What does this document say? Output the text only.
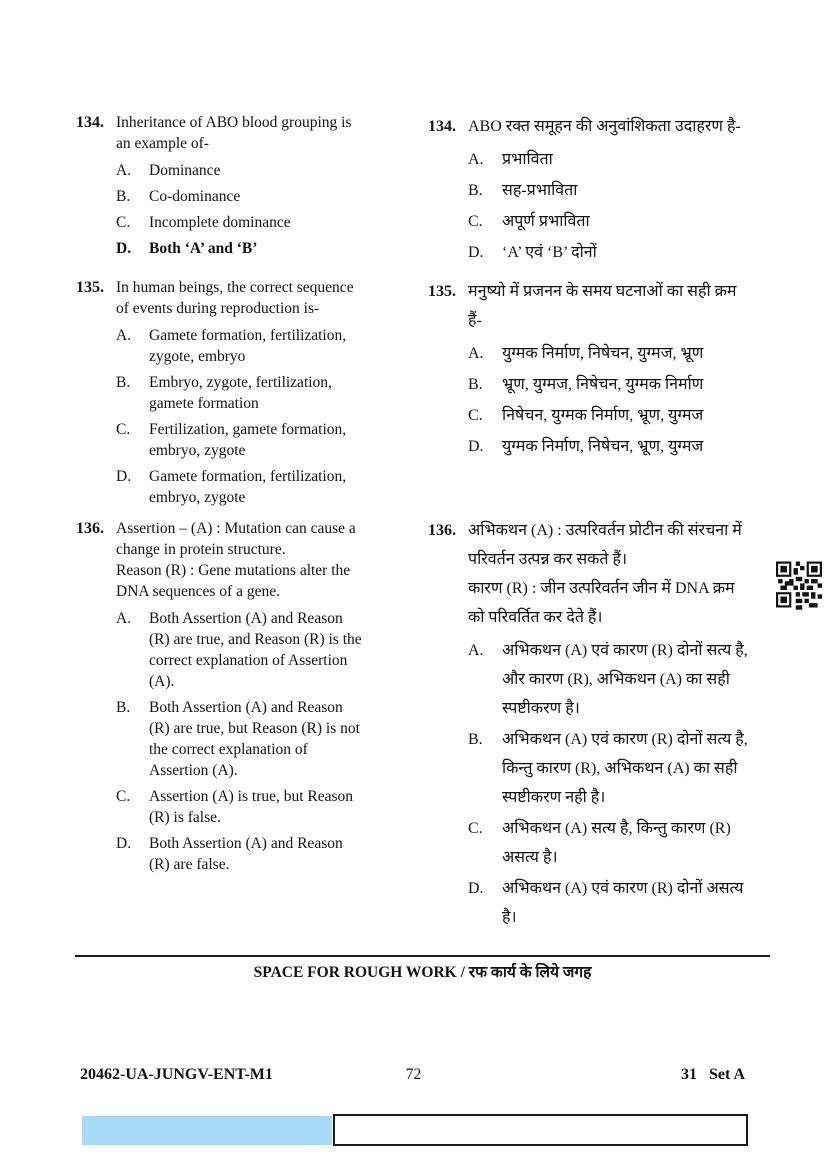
134. Inheritance of ABO blood grouping is
an example of-
A.	Dominance
B.	Co-dominance
C.	Incomplete dominance
D.	Both ‘A’ and ‘B’
135. In human beings, the correct sequence
of events during reproduction is-
A.	Gamete formation, fertilization,
zygote, embryo
B.	Embryo, zygote, fertilization,
gamete formation
C.	Fertilization, gamete formation,
embryo, zygote
D.	Gamete formation, fertilization,
embryo, zygote
136. Assertion – (A) : Mutation can cause a
change in protein structure.
Reason (R) : Gene mutations alter the
DNA sequences of a gene.
A.	Both Assertion (A) and Reason
(R) are true, and Reason (R) is the
correct explanation of Assertion
(A).
B.	Both Assertion (A) and Reason
(R) are true, but Reason (R) is not
the correct explanation of
Assertion (A).
C.	Assertion (A) is true, but Reason
(R) is false.
D.	Both Assertion (A) and Reason
(R) are false.
134. ABO रक्त समूहन की अनुवांशिकता उदाहरण है-
A.	प्रभाविता
B.	सह-प्रभाविता
C.	अपूर्ण प्रभाविता
D.	‘A’ एवं ‘B’ दोनों
135. मनुष्यो में प्रजनन के समय घटनाओं का सही क्रम
हैं-
A.	युग्मक निर्माण, निषेचन, युग्मज, भ्रूण
B.	भ्रूण, युग्मज, निषेचन, युग्मक निर्माण
C.	निषेचन, युग्मक निर्माण, भ्रूण, युग्मज
D.	युग्मक निर्माण, निषेचन, भ्रूण, युग्मज
136. अभिकथन (A) : उत्परिवर्तन प्रोटीन की संरचना में
परिवर्तन उत्पन्न कर सकते हैं।
कारण (R) : जीन उत्परिवर्तन जीन में DNA क्रम
को परिवर्तित कर देते हैं।
A.	अभिकथन (A) एवं कारण (R) दोनों सत्य है,
और कारण (R), अभिकथन (A) का सही
स्पष्टीकरण है।
B.	अभिकथन (A) एवं कारण (R) दोनों सत्य है,
किन्तु कारण (R), अभिकथन (A) का सही
स्पष्टीकरण नही है।
C.	अभिकथन (A) सत्य है, किन्तु कारण (R)
असत्य है।
D.	अभिकथन (A) एवं कारण (R) दोनों असत्य
है।
SPACE FOR ROUGH WORK / रफ कार्य के लिये जगह
20462-UA-JUNGV-ENT-M1	72	31 Set A
